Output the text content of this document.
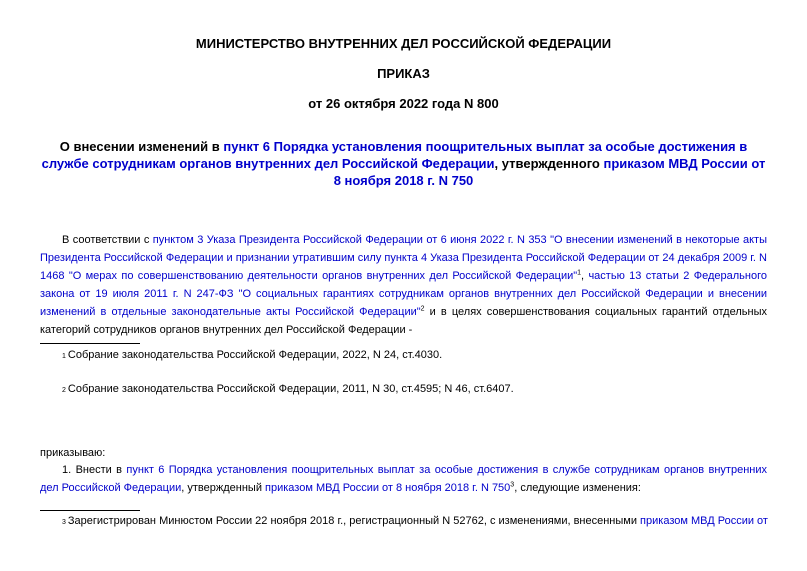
МИНИСТЕРСТВО ВНУТРЕННИХ ДЕЛ РОССИЙСКОЙ ФЕДЕРАЦИИ
ПРИКАЗ
от 26 октября 2022 года N 800
О внесении изменений в пункт 6 Порядка установления поощрительных выплат за особые достижения в службе сотрудникам органов внутренних дел Российской Федерации, утвержденного приказом МВД России от 8 ноября 2018 г. N 750
В соответствии с пунктом 3 Указа Президента Российской Федерации от 6 июня 2022 г. N 353 "О внесении изменений в некоторые акты Президента Российской Федерации и признании утратившим силу пункта 4 Указа Президента Российской Федерации от 24 декабря 2009 г. N 1468 "О мерах по совершенствованию деятельности органов внутренних дел Российской Федерации"$^1$, частью 13 статьи 2 Федерального закона от 19 июля 2011 г. N 247-ФЗ "О социальных гарантиях сотрудникам органов внутренних дел Российской Федерации и внесении изменений в отдельные законодательные акты Российской Федерации"$^2$ и в целях совершенствования социальных гарантий отдельных категорий сотрудников органов внутренних дел Российской Федерации -
1 Собрание законодательства Российской Федерации, 2022, N 24, ст.4030.
2 Собрание законодательства Российской Федерации, 2011, N 30, ст.4595; N 46, ст.6407.
приказываю:
1. Внести в пункт 6 Порядка установления поощрительных выплат за особые достижения в службе сотрудникам органов внутренних дел Российской Федерации, утвержденный приказом МВД России от 8 ноября 2018 г. N $750^3$, следующие изменения:
3 Зарегистрирован Минюстом России 22 ноября 2018 г., регистрационный N 52762, с изменениями, внесенными приказом МВД России от
